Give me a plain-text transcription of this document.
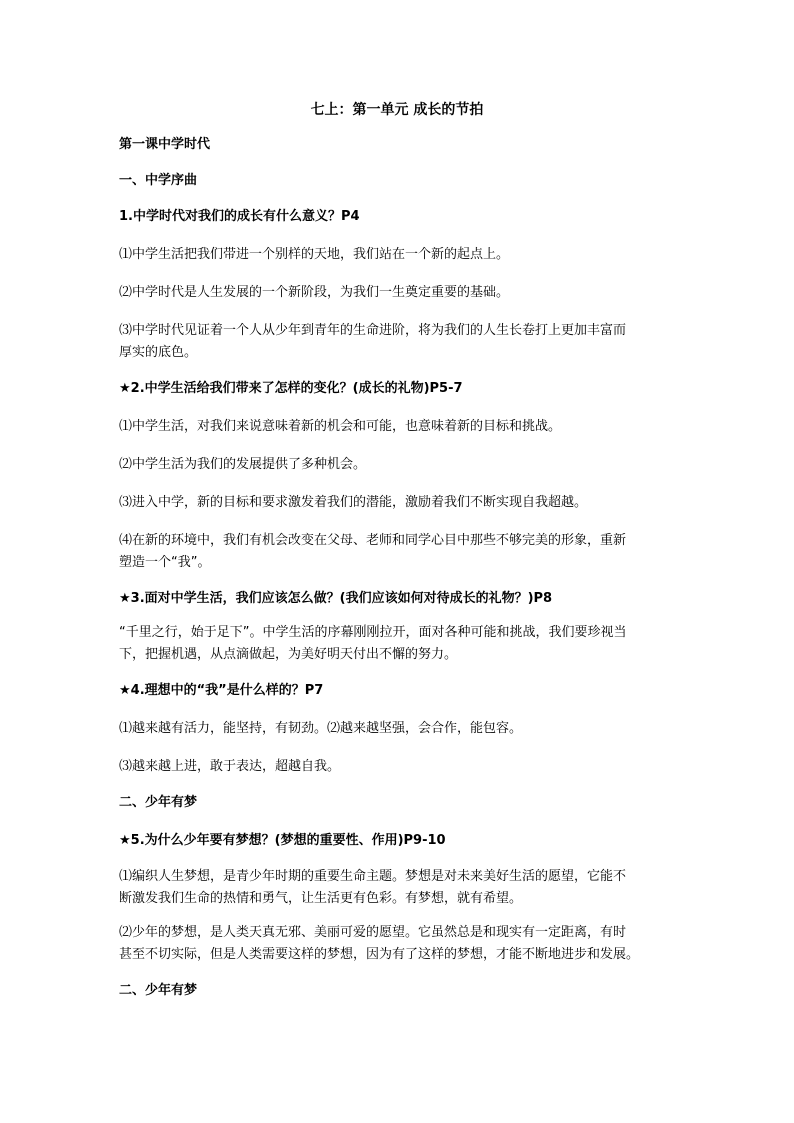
七上：第一单元 成长的节拍

第一课中学时代

一、中学序曲

1.中学时代对我们的成长有什么意义？P4

⑴中学生活把我们带进一个别样的天地，我们站在一个新的起点上。

⑵中学时代是人生发展的一个新阶段，为我们一生奠定重要的基础。

⑶中学时代见证着一个人从少年到青年的生命进阶，将为我们的人生长卷打上更加丰富而

厚实的底色。

★2.中学生活给我们带来了怎样的变化？(成长的礼物)P5-7

⑴中学生活，对我们来说意味着新的机会和可能，也意味着新的目标和挑战。

⑵中学生活为我们的发展提供了多种机会。

⑶进入中学，新的目标和要求激发着我们的潜能，激励着我们不断实现自我超越。

⑷在新的环境中，我们有机会改变在父母、老师和同学心目中那些不够完美的形象，重新

塑造一个“我”。

★3.面对中学生活，我们应该怎么做？(我们应该如何对待成长的礼物？)P8

“千里之行，始于足下”。中学生活的序幕刚刚拉开，面对各种可能和挑战，我们要珍视当

下，把握机遇，从点滴做起，为美好明天付出不懈的努力。

★4.理想中的“我”是什么样的？P7

⑴越来越有活力，能坚持，有韧劲。⑵越来越坚强，会合作，能包容。

⑶越来越上进，敢于表达，超越自我。

二、少年有梦

★5.为什么少年要有梦想？(梦想的重要性、作用)P9-10

⑴编织人生梦想，是青少年时期的重要生命主题。梦想是对未来美好生活的愿望，它能不

断激发我们生命的热情和勇气，让生活更有色彩。有梦想，就有希望。

⑵少年的梦想，是人类天真无邪、美丽可爱的愿望。它虽然总是和现实有一定距离，有时

甚至不切实际，但是人类需要这样的梦想，因为有了这样的梦想，才能不断地进步和发展。

二、少年有梦
